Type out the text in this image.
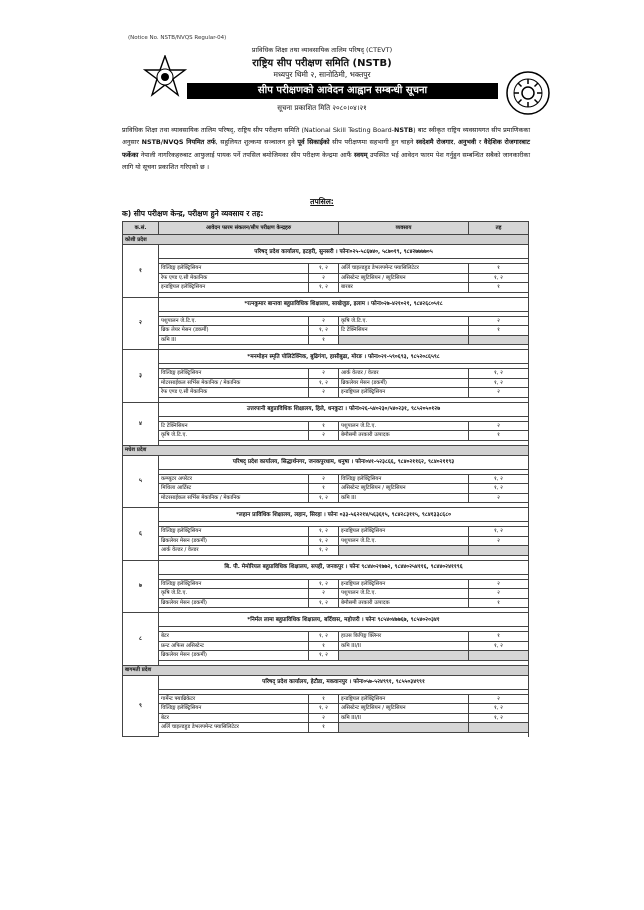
(Notice No. NSTB/NVQS Regular-04)
प्राविधिक शिक्षा तथा व्यावसायिक तालिम परिषद् (CTEVT)
राष्ट्रिय सीप परीक्षण समिति (NSTB)
मध्यपुर थिमी २, सानोठिमी, भक्तपुर
सीप परीक्षणको आवेदन आह्वान सम्बन्धी सूचना
सूचना प्रकाशित मिति २०८०।०४।२१
प्राविधिक शिक्षा तथा व्यावसायिक तालिम परिषद्, राष्ट्रिय सीप परीक्षण समिति (National Skill Testing Board-NSTB) बाट स्वीकृत राष्ट्रिय व्यवसायगत सीप प्रमाणिकका अनुसार NSTB/NVQS नियमित तर्फ, सहुलियत शुल्कमा सञ्चालन हुने पूर्व सिकाईको सीप परीक्षणमा सहभागी हुन चाहने स्वदेशमै रोजगार, अनुभवी र वैदेशिक रोजगारबाट फर्केका नेपाली नागरिकहरुबाट आफुलाई पायक पर्ने तपसिल बमोजिमका सीप परीक्षण केन्द्रमा आफैं स्वयम् उपस्थित भई आवेदन फारम पेश गर्नुहुन सम्बन्धित सबैको जानकारीका लागि यो सूचना प्रकाशित गरिएको छ ।
तपसिल:
क) सीप परीक्षण केन्द्र, परीक्षण हुने व्यवसाय र तह:
क.सं.	आवेदन फारम संकलन/सीप परीक्षण केन्द्रहरु		व्यवसाय	तह
कोशी प्रदेश				
१	परिषद् प्रदेश कार्यालय, इटहरी, सुनसरी । फोनः०२५-५८६७४०, ५८७०१९, ९८४२७७७७०५			

	विल्डिङ्ग इलेक्ट्रिसियन	१, २	अर्लि चाइल्डहुड डेभलपमेन्ट फ्यासिलिटेटर	१
	रेफ एण्ड ए.सी मेकानिक	२	असिस्टेन्ट ब्युटिसियन / ब्युटिसियन	१, २
	इन्डष्ट्रियल इलेक्ट्रिसियन	१, २	बारबर	१

२	*रत्नकुमार बान्तवा बहुप्राविधिक शिक्षालय, साखेजुङ, इलाम । फोनः०२७-४२१०२१, ९८४२६८०५१८			

	पशुपालन जे.टि.ए.	२	कृषि जे.टि.ए.	२
	ब्रिक लेयर मेसन (डकर्मी)	१, २	टि टेक्निसियन	१
	कमि III	१		

३	*मनमोहन स्मृति पोलिटेक्निक, बुढिगंगा, हासीबुढा, मोरङ । फोनः०२१-५९०६९३, ९८५२०८६५९८			

	विल्डिङ्ग इलेक्ट्रिसियन	२	आर्क वेल्डर / वेल्डर	१, २
	मोटरसाईकल सर्भिस मेकानिक / मेकानिक	१, २	ब्रिकलेयर मेसन (डकर्मी)	१, २
	रेफ एण्ड ए.सी मेकानिक	२	इन्डष्ट्रियल इलेक्ट्रिसियन	२

४	उत्तरपानी बहुप्राविधिक शिक्षालय, हिले, धनकुटा । फोनः०२६-५४०२३०/५४०२३१, ९८५२०५०१२७			

	टि टेक्निसियन	१	पशुपालन जे.टि.ए.	२
	कृषि जे.टि.ए.	२	बेमौसमी तरकारी उत्पादक	१

मधेश प्रदेश				
५	परिषद् प्रदेश कार्यालय, सिद्धार्थनगर, जनकपुरधाम, धनुषा । फोनः०४१-५२३८६६, ९८४०२११६२, ९८४०२११९३			

	कम्प्युटर अपरेटर	२	विल्डिङ्ग इलेक्ट्रिसियन	१, २
	मिथिला आर्टिस्ट	१	असिस्टेन्ट ब्युटिसियन / ब्युटिसियन	१, २
	मोटरसाईकल सर्भिस मेकानिक / मेकानिक	१, २	कमि III	२

६	*लहान प्राविधिक शिक्षालय, लहान, सिरहा । फोनः ०३३-५६२२१४/५६३६१५, ९८४२८३११५, ९८४१३३८६८०			

	विल्डिङ्ग इलेक्ट्रिसियन	१, २	इन्डष्ट्रियल इलेक्ट्रिसियन	१, २
	ब्रिकलेयर मेसन (डकर्मी)	१, २	पशुपालन जे.टि.ए.	२
	आर्क वेल्डर / वेल्डर	१, २		

७	बि. पी. मेमोरियल बहुप्राविधिक शिक्षालय, सपही, जनकपुर । फोनः ९८४४०२१७७२, ९८४४०२५४११६, ९८४४०२४११९६			

	विल्डिङ्ग इलेक्ट्रिसियन	१, २	इन्डष्ट्रियल इलेक्ट्रिसियन	२
	कृषि जे.टि.ए.	२	पशुपालन जे.टि.ए.	२
	ब्रिकलेयर मेसन (डकर्मी)	१, २	बेमौसमी तरकारी उत्पादक	१

८	*निर्मल लामा बहुप्राविधिक शिक्षालय, बर्दिवास, महोत्तरी । फोनः ९८५४०४७७६७, ९८५४०२०३४१			

	बेटर	१, २	हाउस किपिङ्ग क्लिनर	१
	फ्रन्ट अफिस असिस्टेन्ट	१	कमि III/II	१, २
	ब्रिकलेयर मेसन (डकर्मी)	१, २		

बागमती प्रदेश				
९	परिषद् प्रदेश कार्यालय, हेटौडा, मकवानपुर । फोनः०५७-५२४९९१, ९८५५०३४९९१			

	गार्मेन्ट फ्याब्रिकेटर	१	इन्डष्ट्रियल इलेक्ट्रिसियन	२
	विल्डिङ्ग इलेक्ट्रिसियन	१, २	असिस्टेन्ट ब्युटिसियन / ब्युटिसियन	१, २
	बेटर	२	कमि III/II	१, २
	अर्लि चाइल्डहुड डेभलपमेन्ट फ्यासिलिटेटर	१		
